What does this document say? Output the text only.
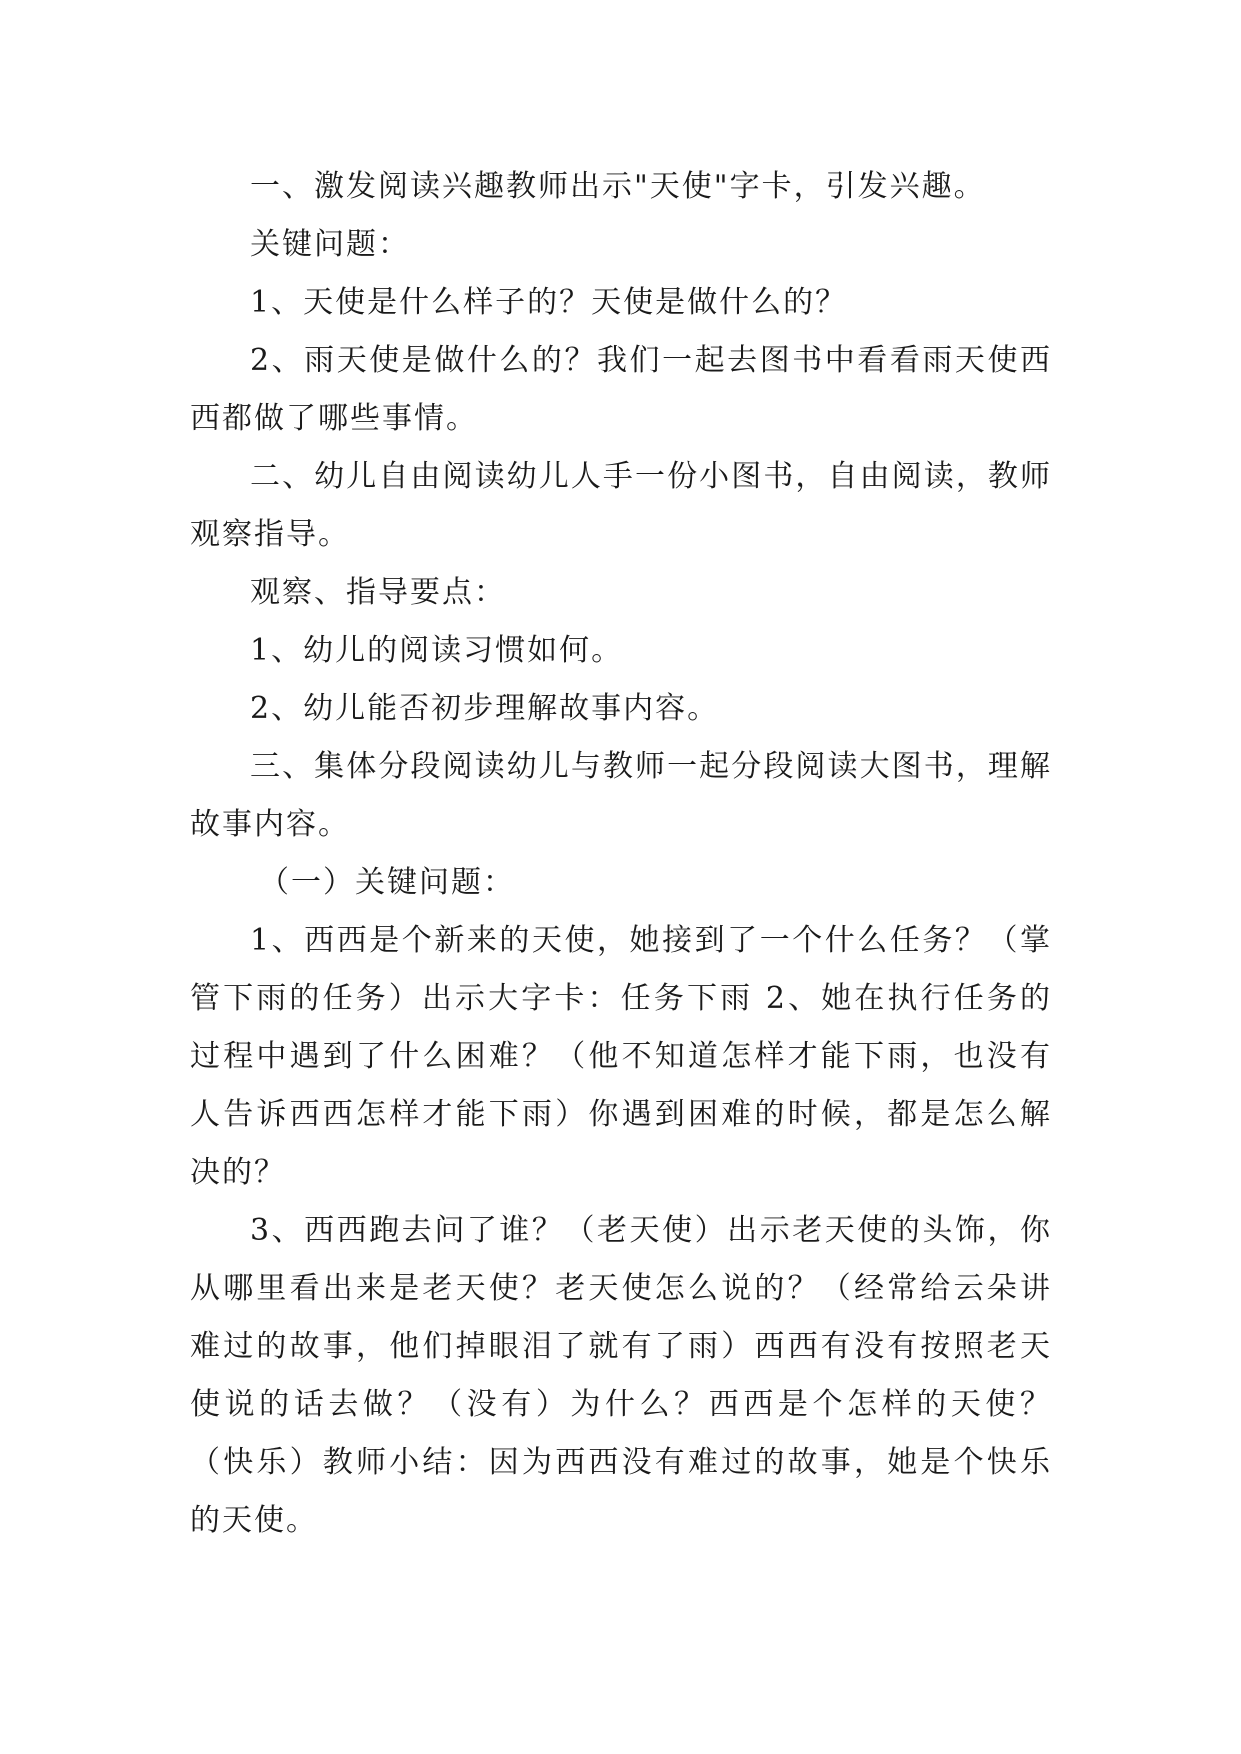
一、激发阅读兴趣教师出示"天使"字卡，引发兴趣。

关键问题：

1、天使是什么样子的？天使是做什么的？

2、雨天使是做什么的？我们一起去图书中看看雨天使西西都做了哪些事情。

二、幼儿自由阅读幼儿人手一份小图书，自由阅读，教师观察指导。

观察、指导要点：

1、幼儿的阅读习惯如何。

2、幼儿能否初步理解故事内容。

三、集体分段阅读幼儿与教师一起分段阅读大图书，理解故事内容。

（一）关键问题：

1、西西是个新来的天使，她接到了一个什么任务？（掌管下雨的任务）出示大字卡：任务下雨 2、她在执行任务的过程中遇到了什么困难？（他不知道怎样才能下雨，也没有人告诉西西怎样才能下雨）你遇到困难的时候，都是怎么解决的？

3、西西跑去问了谁？（老天使）出示老天使的头饰，你从哪里看出来是老天使？老天使怎么说的？（经常给云朵讲难过的故事，他们掉眼泪了就有了雨）西西有没有按照老天使说的话去做？（没有）为什么？西西是个怎样的天使？（快乐）教师小结：因为西西没有难过的故事，她是个快乐的天使。
